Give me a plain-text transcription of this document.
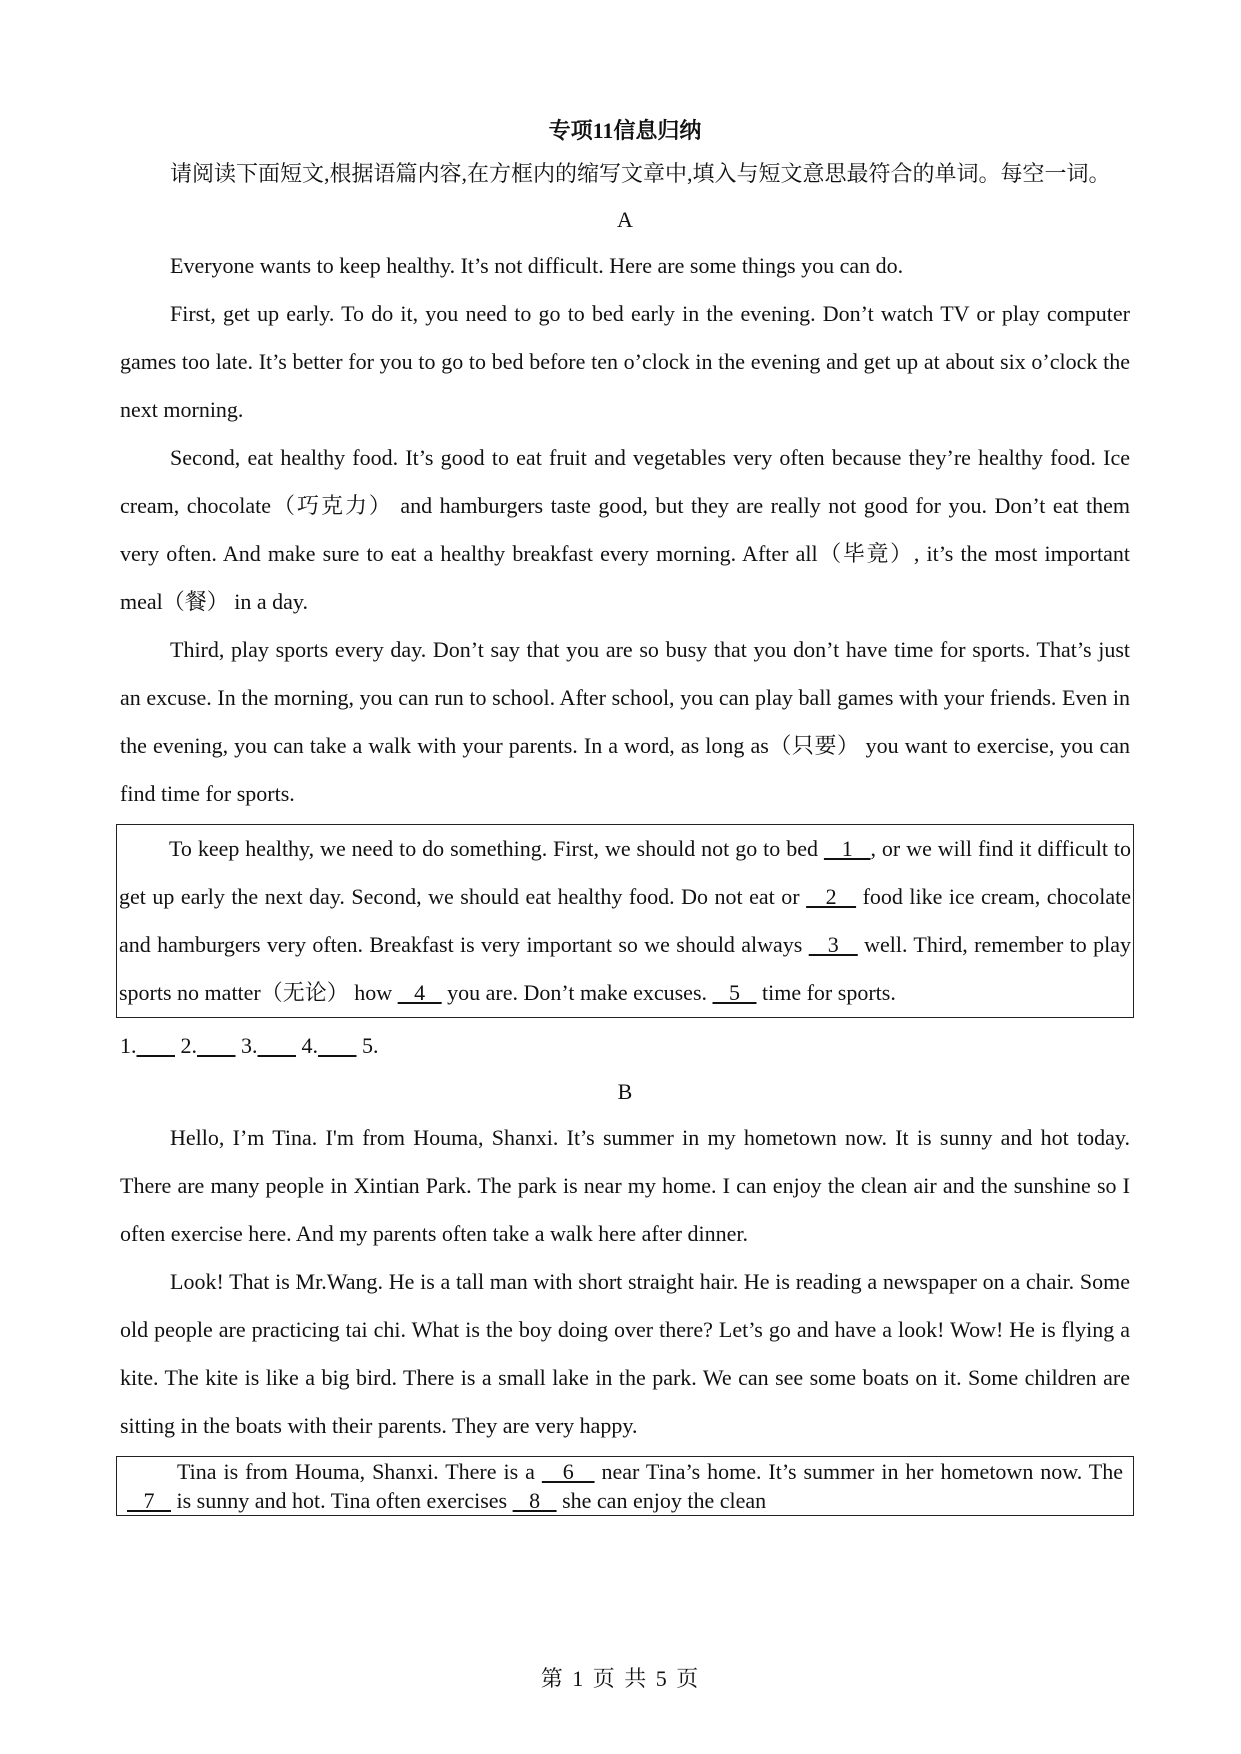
专项11信息归纳

请阅读下面短文,根据语篇内容,在方框内的缩写文章中,填入与短文意思最符合的单词。每空一词。

A

Everyone wants to keep healthy. It’s not difficult. Here are some things you can do.

First, get up early. To do it, you need to go to bed early in the evening. Don’t watch TV or play computer games too late. It’s better for you to go to bed before ten o’clock in the evening and get up at about six o’clock the next morning.

Second, eat healthy food. It’s good to eat fruit and vegetables very often because they’re healthy food. Ice cream, chocolate（巧克力） and hamburgers taste good, but they are really not good for you. Don’t eat them very often. And make sure to eat a healthy breakfast every morning. After all（毕竟）, it’s the most important meal（餐） in a day.

Third, play sports every day. Don’t say that you are so busy that you don’t have time for sports. That’s just an excuse. In the morning, you can run to school. After school, you can play ball games with your friends. Even in the evening, you can take a walk with your parents. In a word, as long as（只要） you want to exercise, you can find time for sports.

To keep healthy, we need to do something. First, we should not go to bed    1   , or we will find it difficult to get up early the next day. Second, we should eat healthy food. Do not eat or    2    food like ice cream, chocolate and hamburgers very often. Breakfast is very important so we should always    3    well. Third, remember to play sports no matter（无论） how    4    you are. Don’t make excuses.    5    time for sports.

1. 2. 3. 4. 5.

B

Hello, I’m Tina. I'm from Houma, Shanxi. It’s summer in my hometown now. It is sunny and hot today. There are many people in Xintian Park. The park is near my home. I can enjoy the clean air and the sunshine so I often exercise here. And my parents often take a walk here after dinner.

Look! That is Mr.Wang. He is a tall man with short straight hair. He is reading a newspaper on a chair. Some old people are practicing tai chi. What is the boy doing over there? Let’s go and have a look! Wow! He is flying a kite. The kite is like a big bird. There is a small lake in the park. We can see some boats on it. Some children are sitting in the boats with their parents. They are very happy.

Tina is from Houma, Shanxi. There is a    6    near Tina’s home. It’s summer in her hometown now. The    7    is sunny and hot. Tina often exercises    8    she can enjoy the clean

第 1 页 共 5 页
